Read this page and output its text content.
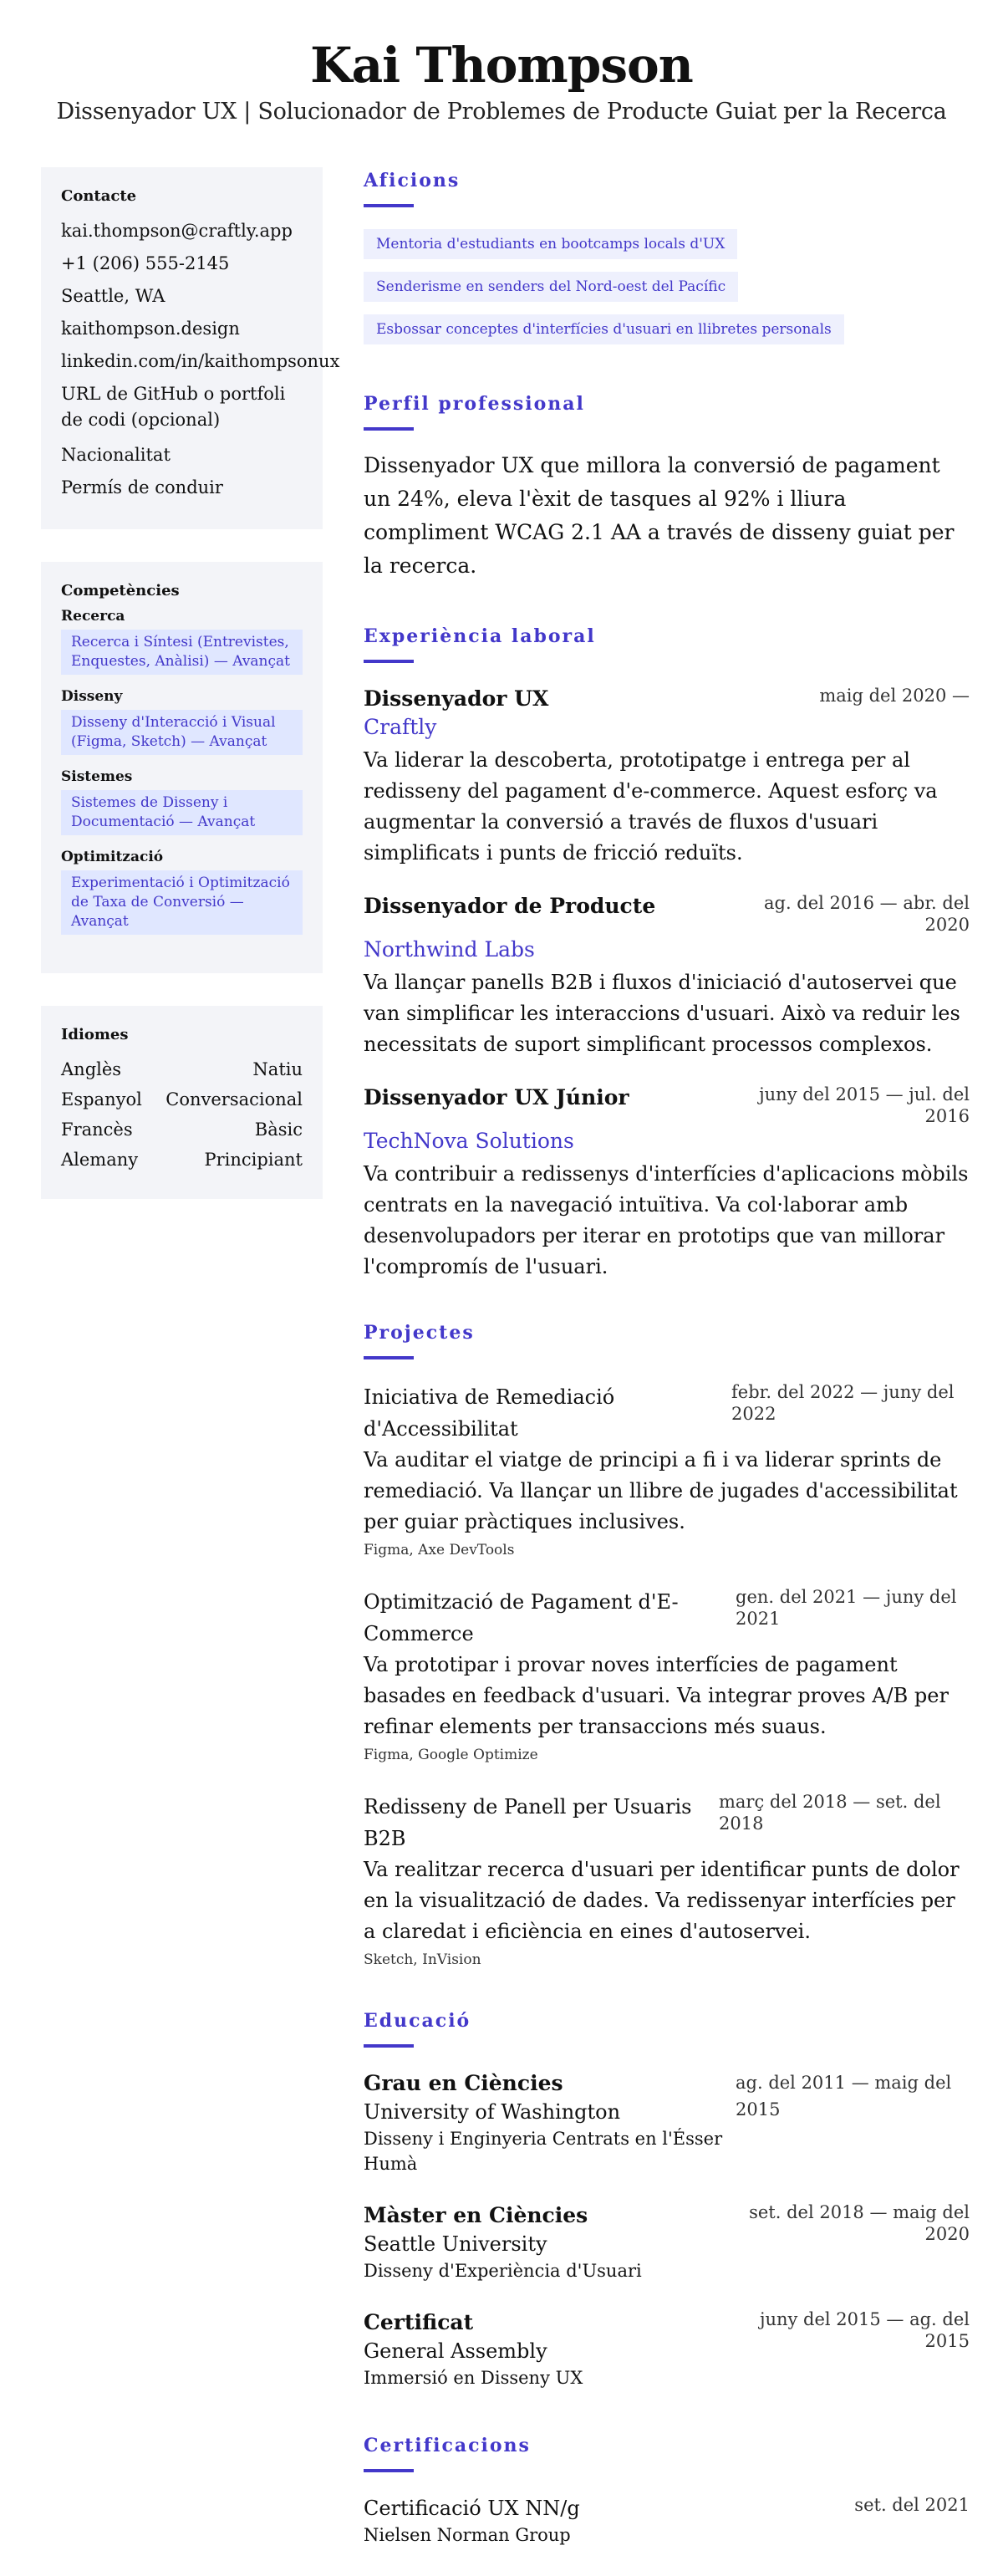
Kai Thompson
Dissenyador UX | Solucionador de Problemes de Producte Guiat per la Recerca
Contacte
kai.thompson@craftly.app
+1 (206) 555-2145
Seattle, WA
kaithompson.design
linkedin.com/in/kaithompsonux
URL de GitHub o portfoli de codi (opcional)
Nacionalitat
Permís de conduir
Competències
Recerca
Recerca i Síntesi (Entrevistes, Enquestes, Anàlisi) — Avançat
Disseny
Disseny d'Interacció i Visual (Figma, Sketch) — Avançat
Sistemes
Sistemes de Disseny i Documentació — Avançat
Optimització
Experimentació i Optimització de Taxa de Conversió — Avançat
Idiomes
Anglès	Natiu
Espanyol Conversacional
Francès	Bàsic
Alemany	Principiant
Aficions
Mentoria d'estudiants en bootcamps locals d'UX
Senderisme en senders del Nord-oest del Pacífic
Esbossar conceptes d'interfícies d'usuari en llibretes personals
Perfil professional

Dissenyador UX que millora la conversió de pagament un 24%, eleva l'èxit de tasques al 92% i lliura compliment WCAG 2.1 AA a través de disseny guiat per la recerca.

Experiència laboral
Dissenyador UX	maig del 2020 —
Craftly

Va liderar la descoberta, prototipatge i entrega per al redisseny del pagament d'e-commerce. Aquest esforç va augmentar la conversió a través de fluxos d'usuari simplificats i punts de fricció reduïts.

Dissenyador de Producte	ag. del 2016 — abr. del 2020
Northwind Labs

Va llançar panells B2B i fluxos d'iniciació d'autoservei que van simplificar les interaccions d'usuari. Això va reduir les necessitats de suport simplificant processos complexos.

Dissenyador UX Júnior	juny del 2015 — jul. del 2016
TechNova Solutions

Va contribuir a redissenys d'interfícies d'aplicacions mòbils centrats en la navegació intuïtiva. Va col·laborar amb desenvolupadors per iterar en prototips que van millorar l'compromís de l'usuari.

Projectes
Iniciativa de Remediació d'Accessibilitat
febr. del 2022 — juny del 2022

Va auditar el viatge de principi a fi i va liderar sprints de remediació. Va llançar un llibre de jugades d'accessibilitat per guiar pràctiques inclusives.

Figma, Axe DevTools
Optimització de Pagament d'E-Commerce
gen. del 2021 — juny del 2021

Va prototipar i provar noves interfícies de pagament basades en feedback d'usuari. Va integrar proves A/B per refinar elements per transaccions més suaus.

Figma, Google Optimize
Redisseny de Panell per Usuaris B2B
març del 2018 — set. del 2018

Va realitzar recerca d'usuari per identificar punts de dolor en la visualització de dades. Va redissenyar interfícies per a claredat i eficiència en eines d'autoservei.

Sketch, InVision
Educació
Grau en Ciències
University of Washington
Disseny i Enginyeria Centrats en l'Ésser Humà
ag. del 2011 — maig del 2015
Màster en Ciències
Seattle University
Disseny d'Experiència d'Usuari
set. del 2018 — maig del 2020
Certificat
General Assembly
Immersió en Disseny UX
juny del 2015 — ag. del 2015
Certificacions
Certificació UX NN/g	set. del 2021
Nielsen Norman Group
